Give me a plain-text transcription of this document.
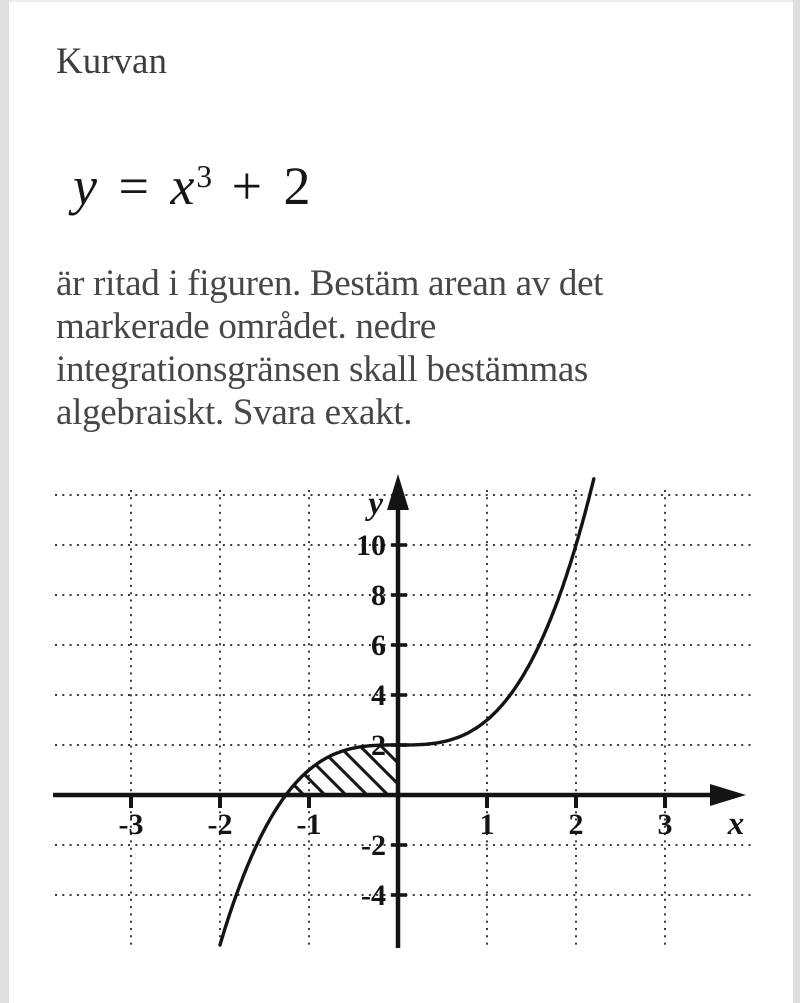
Kurvan
$y = x^3 + 2$
är ritad i figuren. Bestäm arean av det
markerade området. nedre
integrationsgränsen skall bestämmas
algebraiskt. Svara exakt.
10
8
6
4
2
-2
-4
-3 -2 -1	1 2 3
y
x
